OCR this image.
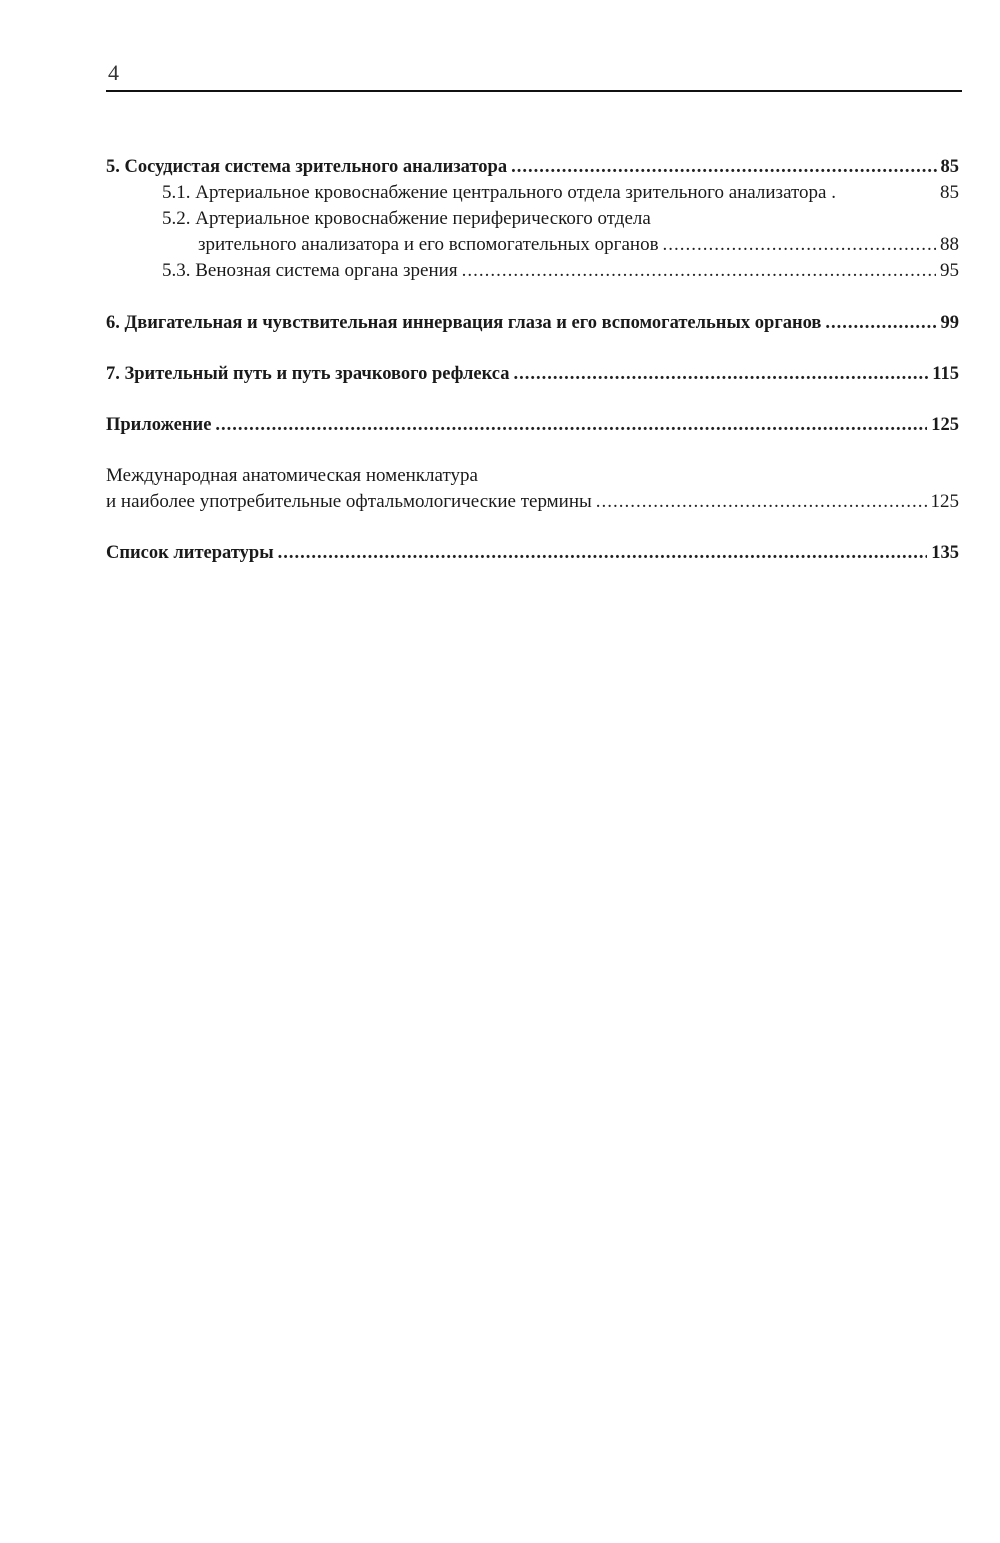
4
5. Сосудистая система зрительного анализатора .....	85
5.1. Артериальное кровоснабжение центрального отдела зрительного анализатора .	85
5.2. Артериальное кровоснабжение периферического отдела
зрительного анализатора и его вспомогательных органов .....	88
5.3. Венозная система органа зрения .....	95
6. Двигательная и чувствительная иннервация глаза и его вспомогательных органов .....	99
7. Зрительный путь и путь зрачкового рефлекса .....	115
Приложение .....	125
Международная анатомическая номенклатура
и наиболее употребительные офтальмологические термины .....	125
Список литературы .....	135
